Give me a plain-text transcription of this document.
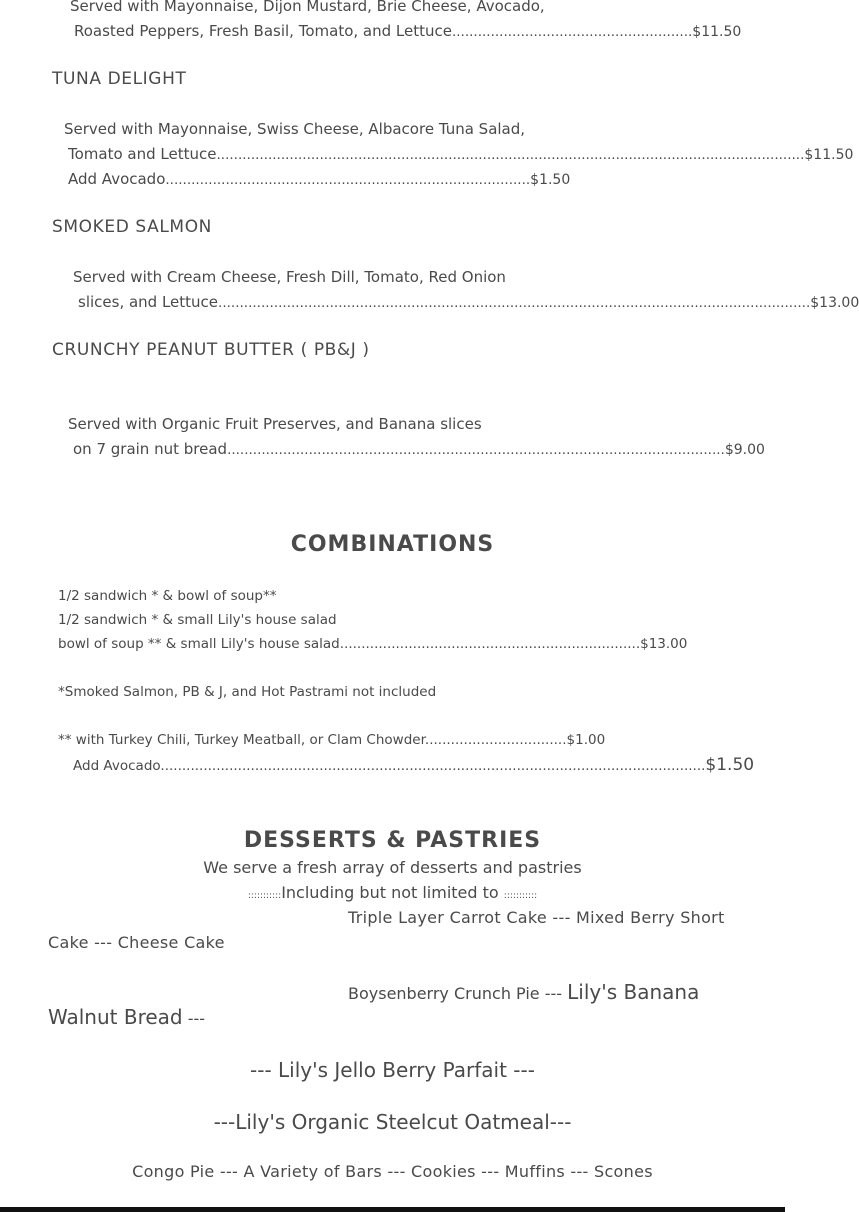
Served with Mayonnaise, Dijon Mustard, Brie Cheese, Avocado,
Roasted Peppers, Fresh Basil, Tomato, and Lettuce........................................................$11.50
TUNA DELIGHT
Served with Mayonnaise, Swiss Cheese, Albacore Tuna Salad,
Tomato and Lettuce.........................................................................................................................................$11.50
Add Avocado.....................................................................................$1.50
SMOKED SALMON
Served with Cream Cheese, Fresh Dill, Tomato, Red Onion
slices, and Lettuce..........................................................................................................................................$13.00
CRUNCHY PEANUT BUTTER ( PB&J )
Served with Organic Fruit Preserves, and Banana slices
on 7 grain nut bread....................................................................................................................$9.00
COMBINATIONS
1/2 sandwich * & bowl of soup**
1/2 sandwich * & small Lily's house salad
bowl of soup ** & small Lily's house salad......................................................................$13.00
*Smoked Salmon, PB & J, and Hot Pastrami not included
** with Turkey Chili, Turkey Meatball, or Clam Chowder.................................$1.00
Add Avocado...............................................................................................................................$1.50
DESSERTS & PASTRIES
We serve a fresh array of desserts and pastries
:::::::::::Including but not limited to :::::::::::
Triple Layer Carrot Cake --- Mixed Berry Short
Cake --- Cheese Cake
Boysenberry Crunch Pie --- Lily's Banana
Walnut Bread ---
--- Lily's Jello Berry Parfait ---
---Lily's Organic Steelcut Oatmeal---
Congo Pie --- A Variety of Bars --- Cookies --- Muffins --- Scones
